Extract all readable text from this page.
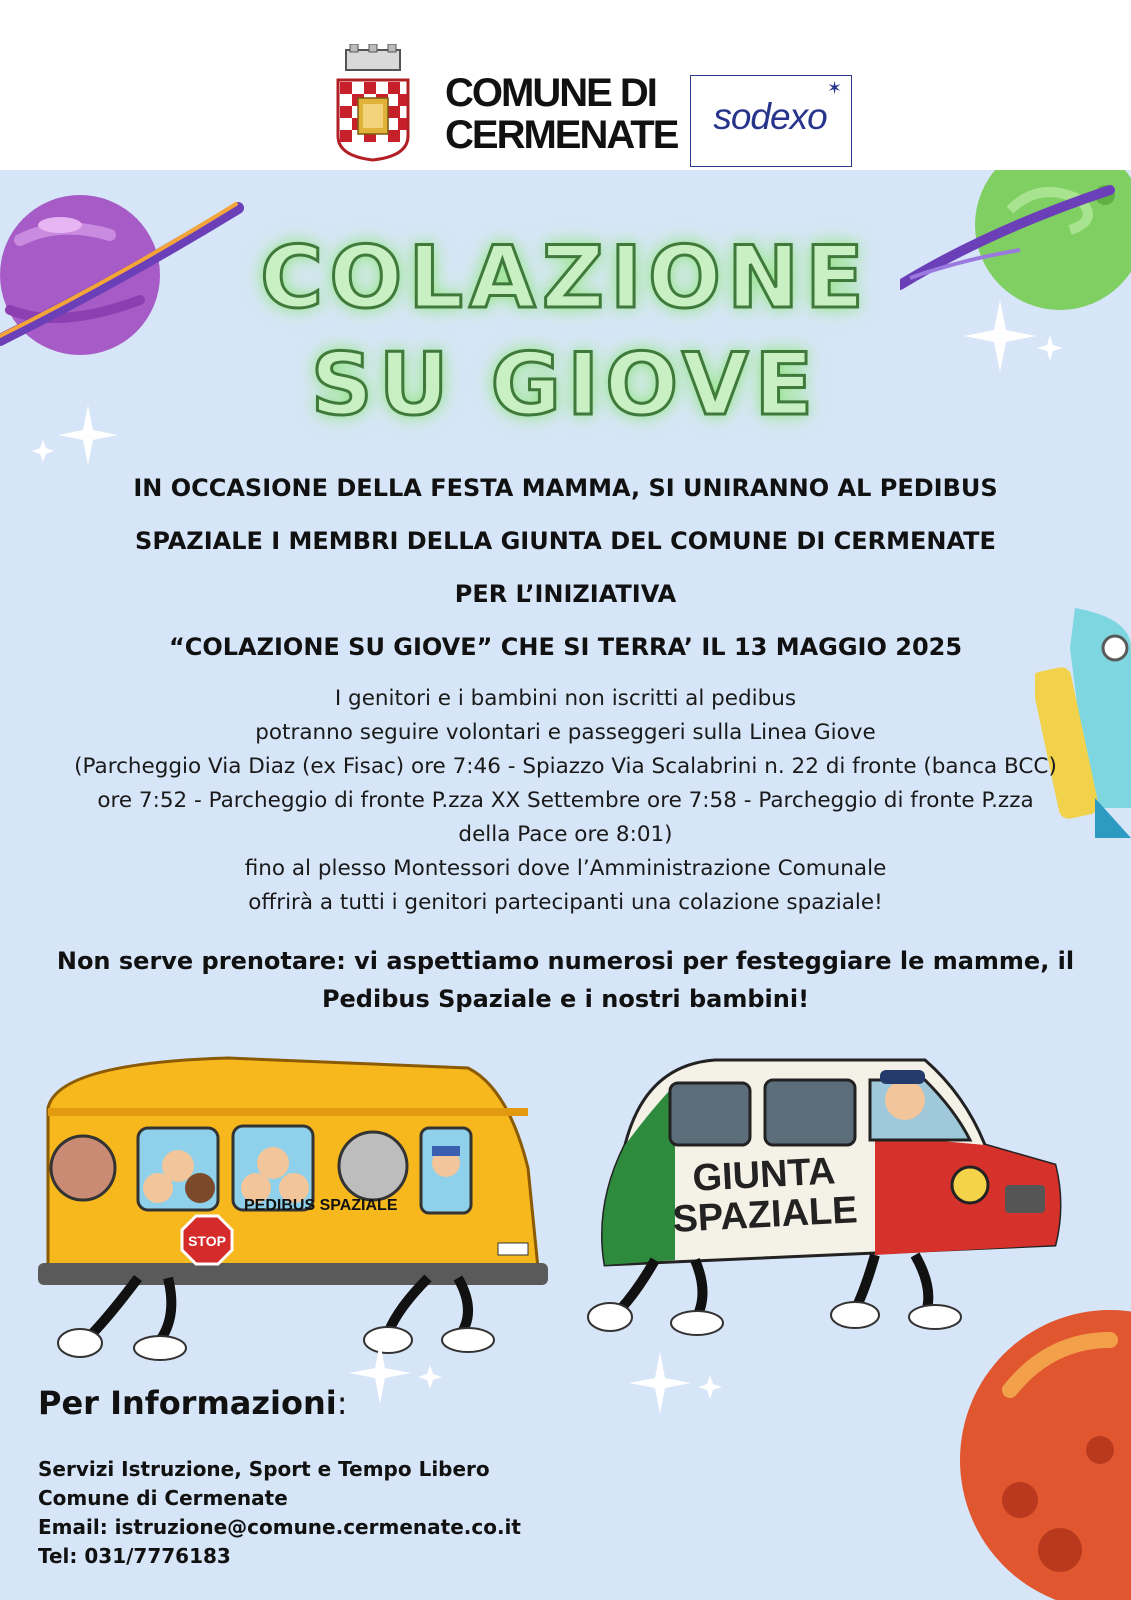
COMUNE DI
CERMENATE
✶
sodexo
COLAZIONE
SU GIOVE
IN OCCASIONE DELLA FESTA MAMMA, SI UNIRANNO AL PEDIBUS
SPAZIALE I MEMBRI DELLA GIUNTA DEL COMUNE DI CERMENATE
PER L’INIZIATIVA
“COLAZIONE SU GIOVE” CHE SI TERRA’ IL 13 MAGGIO 2025
I genitori e i bambini non iscritti al pedibus
potranno seguire volontari e passeggeri sulla Linea Giove
(Parcheggio Via Diaz (ex Fisac) ore 7:46 - Spiazzo Via Scalabrini n. 22 di fronte (banca BCC)
ore 7:52 - Parcheggio di fronte P.zza XX Settembre ore 7:58 - Parcheggio di fronte P.zza
della Pace ore 8:01)
fino al plesso Montessori dove l’Amministrazione Comunale
offrirà a tutti i genitori partecipanti una colazione spaziale!
Non serve prenotare: vi aspettiamo numerosi per festeggiare le mamme, il
Pedibus Spaziale e i nostri bambini!
STOP
PEDIBUS SPAZIALE
GIUNTA
SPAZIALE
Per Informazioni:
Servizi Istruzione, Sport e Tempo Libero
Comune di Cermenate
Email: istruzione@comune.cermenate.co.it
Tel: 031/7776183
